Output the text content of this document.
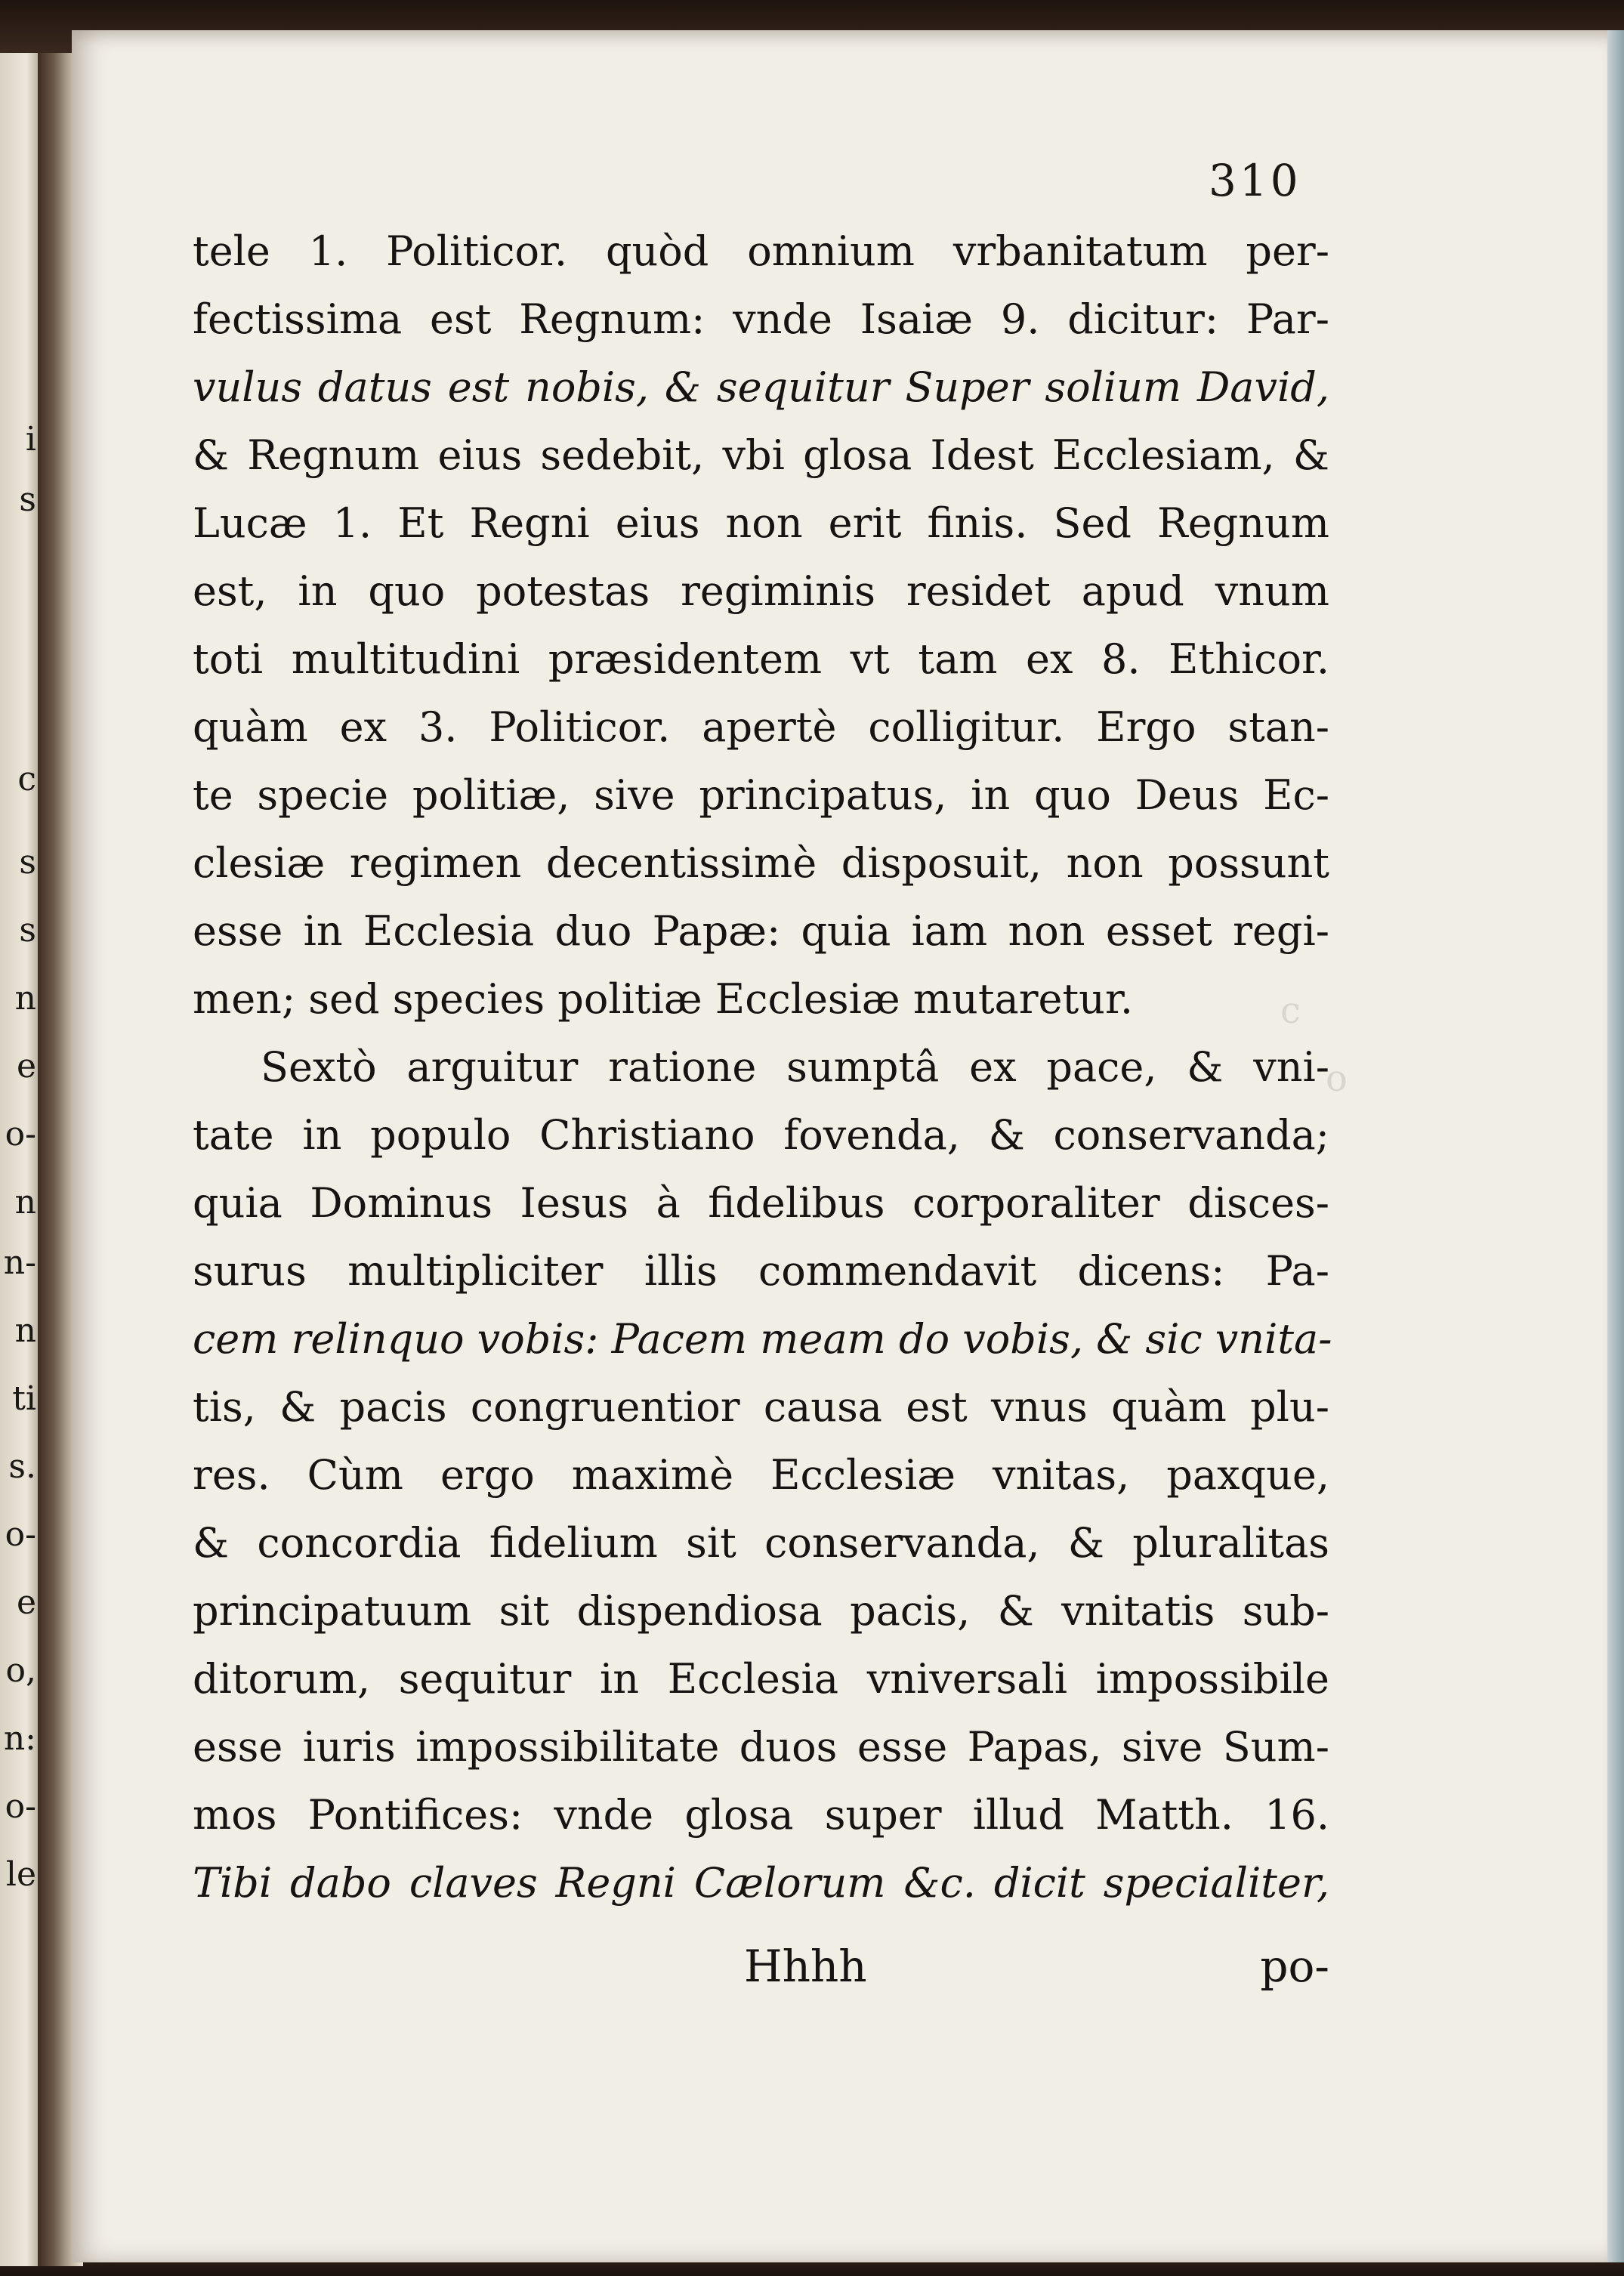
i
s
c
s
s
n
e
o-
n
n-
n
ti
s.
o-
e
o,
n:
o-
le
310
c
o
tele 1. Politicor. quòd omnium vrbanitatum per-
fectissima est Regnum: vnde Isaiæ 9. dicitur: Par-
vulus datus est nobis, & sequitur Super solium David,
& Regnum eius sedebit, vbi glosa Idest Ecclesiam, &
Lucæ 1. Et Regni eius non erit finis. Sed Regnum
est, in quo potestas regiminis residet apud vnum
toti multitudini præsidentem vt tam ex 8. Ethicor.
quàm ex 3. Politicor. apertè colligitur. Ergo stan-
te specie politiæ, sive principatus, in quo Deus Ec-
clesiæ regimen decentissimè disposuit, non possunt
esse in Ecclesia duo Papæ: quia iam non esset regi-
men; sed species politiæ Ecclesiæ mutaretur.
Sextò arguitur ratione sumptâ ex pace, & vni-
tate in populo Christiano fovenda, & conservanda;
quia Dominus Iesus à fidelibus corporaliter disces-
surus multipliciter illis commendavit dicens: Pa-
cem relinquo vobis: Pacem meam do vobis, & sic vnita-
tis, & pacis congruentior causa est vnus quàm plu-
res. Cùm ergo maximè Ecclesiæ vnitas, paxque,
& concordia fidelium sit conservanda, & pluralitas
principatuum sit dispendiosa pacis, & vnitatis sub-
ditorum, sequitur in Ecclesia vniversali impossibile
esse iuris impossibilitate duos esse Papas, sive Sum-
mos Pontifices: vnde glosa super illud Matth. 16.
Tibi dabo claves Regni Cælorum &c. dicit specialiter,
Hhhh	po-
